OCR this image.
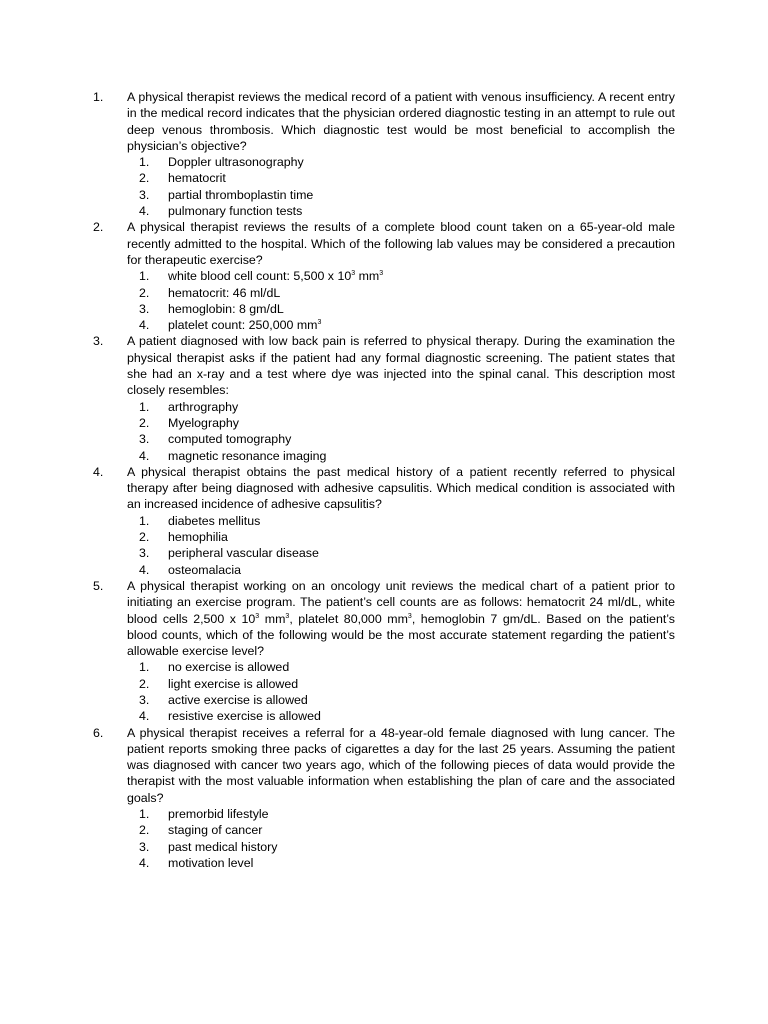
1. A physical therapist reviews the medical record of a patient with venous insufficiency. A recent entry in the medical record indicates that the physician ordered diagnostic testing in an attempt to rule out deep venous thrombosis. Which diagnostic test would be most beneficial to accomplish the physician’s objective?
1. Doppler ultrasonography
2. hematocrit
3. partial thromboplastin time
4. pulmonary function tests
2. A physical therapist reviews the results of a complete blood count taken on a 65-year-old male recently admitted to the hospital. Which of the following lab values may be considered a precaution for therapeutic exercise?
1. white blood cell count: 5,500 x $10^3$ $mm^3$
2. hematocrit: 46 ml/dL
3. hemoglobin: 8 gm/dL
4. platelet count: 250,000 $mm^3$
3. A patient diagnosed with low back pain is referred to physical therapy. During the examination the physical therapist asks if the patient had any formal diagnostic screening. The patient states that she had an x-ray and a test where dye was injected into the spinal canal. This description most closely resembles:
1. arthrography
2. Myelography
3. computed tomography
4. magnetic resonance imaging
4. A physical therapist obtains the past medical history of a patient recently referred to physical therapy after being diagnosed with adhesive capsulitis. Which medical condition is associated with an increased incidence of adhesive capsulitis?
1. diabetes mellitus
2. hemophilia
3. peripheral vascular disease
4. osteomalacia
5. A physical therapist working on an oncology unit reviews the medical chart of a patient prior to initiating an exercise program. The patient’s cell counts are as follows: hematocrit 24 ml/dL, white blood cells 2,500 x $10^3$ $mm^3$, platelet 80,000 $mm^3$, hemoglobin 7 gm/dL. Based on the patient’s blood counts, which of the following would be the most accurate statement regarding the patient’s allowable exercise level?
1. no exercise is allowed
2. light exercise is allowed
3. active exercise is allowed
4. resistive exercise is allowed
6. A physical therapist receives a referral for a 48-year-old female diagnosed with lung cancer. The patient reports smoking three packs of cigarettes a day for the last 25 years. Assuming the patient was diagnosed with cancer two years ago, which of the following pieces of data would provide the therapist with the most valuable information when establishing the plan of care and the associated goals?
1. premorbid lifestyle
2. staging of cancer
3. past medical history
4. motivation level
